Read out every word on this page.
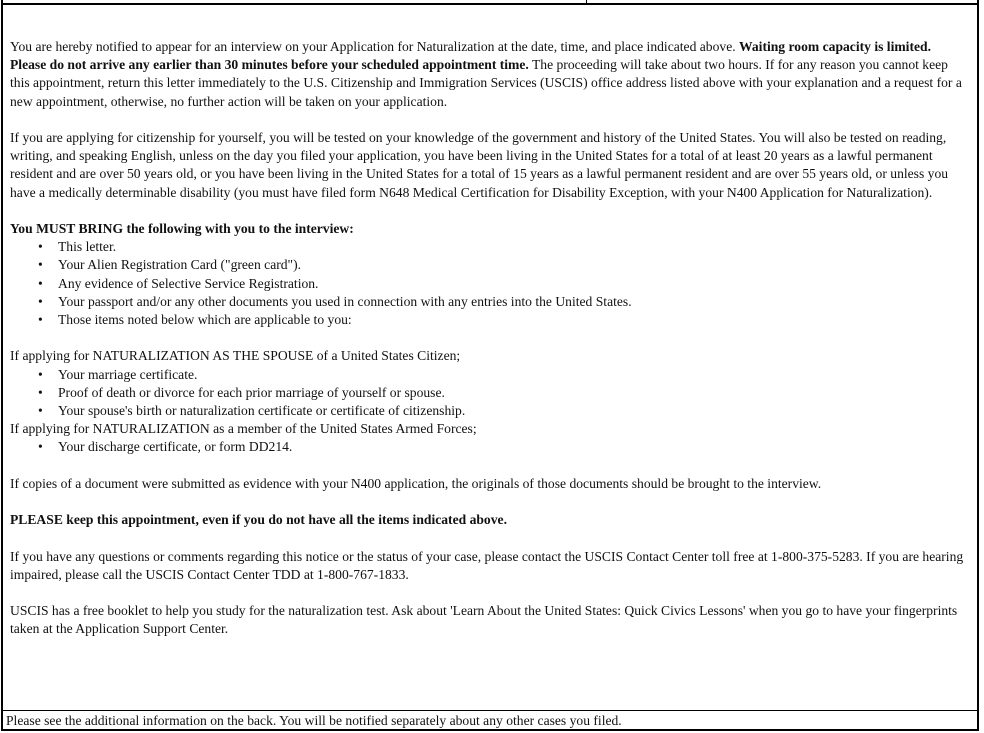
You are hereby notified to appear for an interview on your Application for Naturalization at the date, time, and place indicated above. Waiting room capacity is limited. Please do not arrive any earlier than 30 minutes before your scheduled appointment time. The proceeding will take about two hours. If for any reason you cannot keep this appointment, return this letter immediately to the U.S. Citizenship and Immigration Services (USCIS) office address listed above with your explanation and a request for a new appointment, otherwise, no further action will be taken on your application.

If you are applying for citizenship for yourself, you will be tested on your knowledge of the government and history of the United States. You will also be tested on reading, writing, and speaking English, unless on the day you filed your application, you have been living in the United States for a total of at least 20 years as a lawful permanent resident and are over 50 years old, or you have been living in the United States for a total of 15 years as a lawful permanent resident and are over 55 years old, or unless you have a medically determinable disability (you must have filed form N648 Medical Certification for Disability Exception, with your N400 Application for Naturalization).

You MUST BRING the following with you to the interview:
• This letter.
• Your Alien Registration Card ("green card").
• Any evidence of Selective Service Registration.
• Your passport and/or any other documents you used in connection with any entries into the United States.
• Those items noted below which are applicable to you:
If applying for NATURALIZATION AS THE SPOUSE of a United States Citizen;
• Your marriage certificate.
• Proof of death or divorce for each prior marriage of yourself or spouse.
• Your spouse's birth or naturalization certificate or certificate of citizenship.
If applying for NATURALIZATION as a member of the United States Armed Forces;
• Your discharge certificate, or form DD214.

If copies of a document were submitted as evidence with your N400 application, the originals of those documents should be brought to the interview.

PLEASE keep this appointment, even if you do not have all the items indicated above.

If you have any questions or comments regarding this notice or the status of your case, please contact the USCIS Contact Center toll free at 1-800-375-5283. If you are hearing impaired, please call the USCIS Contact Center TDD at 1-800-767-1833.

USCIS has a free booklet to help you study for the naturalization test. Ask about 'Learn About the United States: Quick Civics Lessons' when you go to have your fingerprints taken at the Application Support Center.

Please see the additional information on the back. You will be notified separately about any other cases you filed.
